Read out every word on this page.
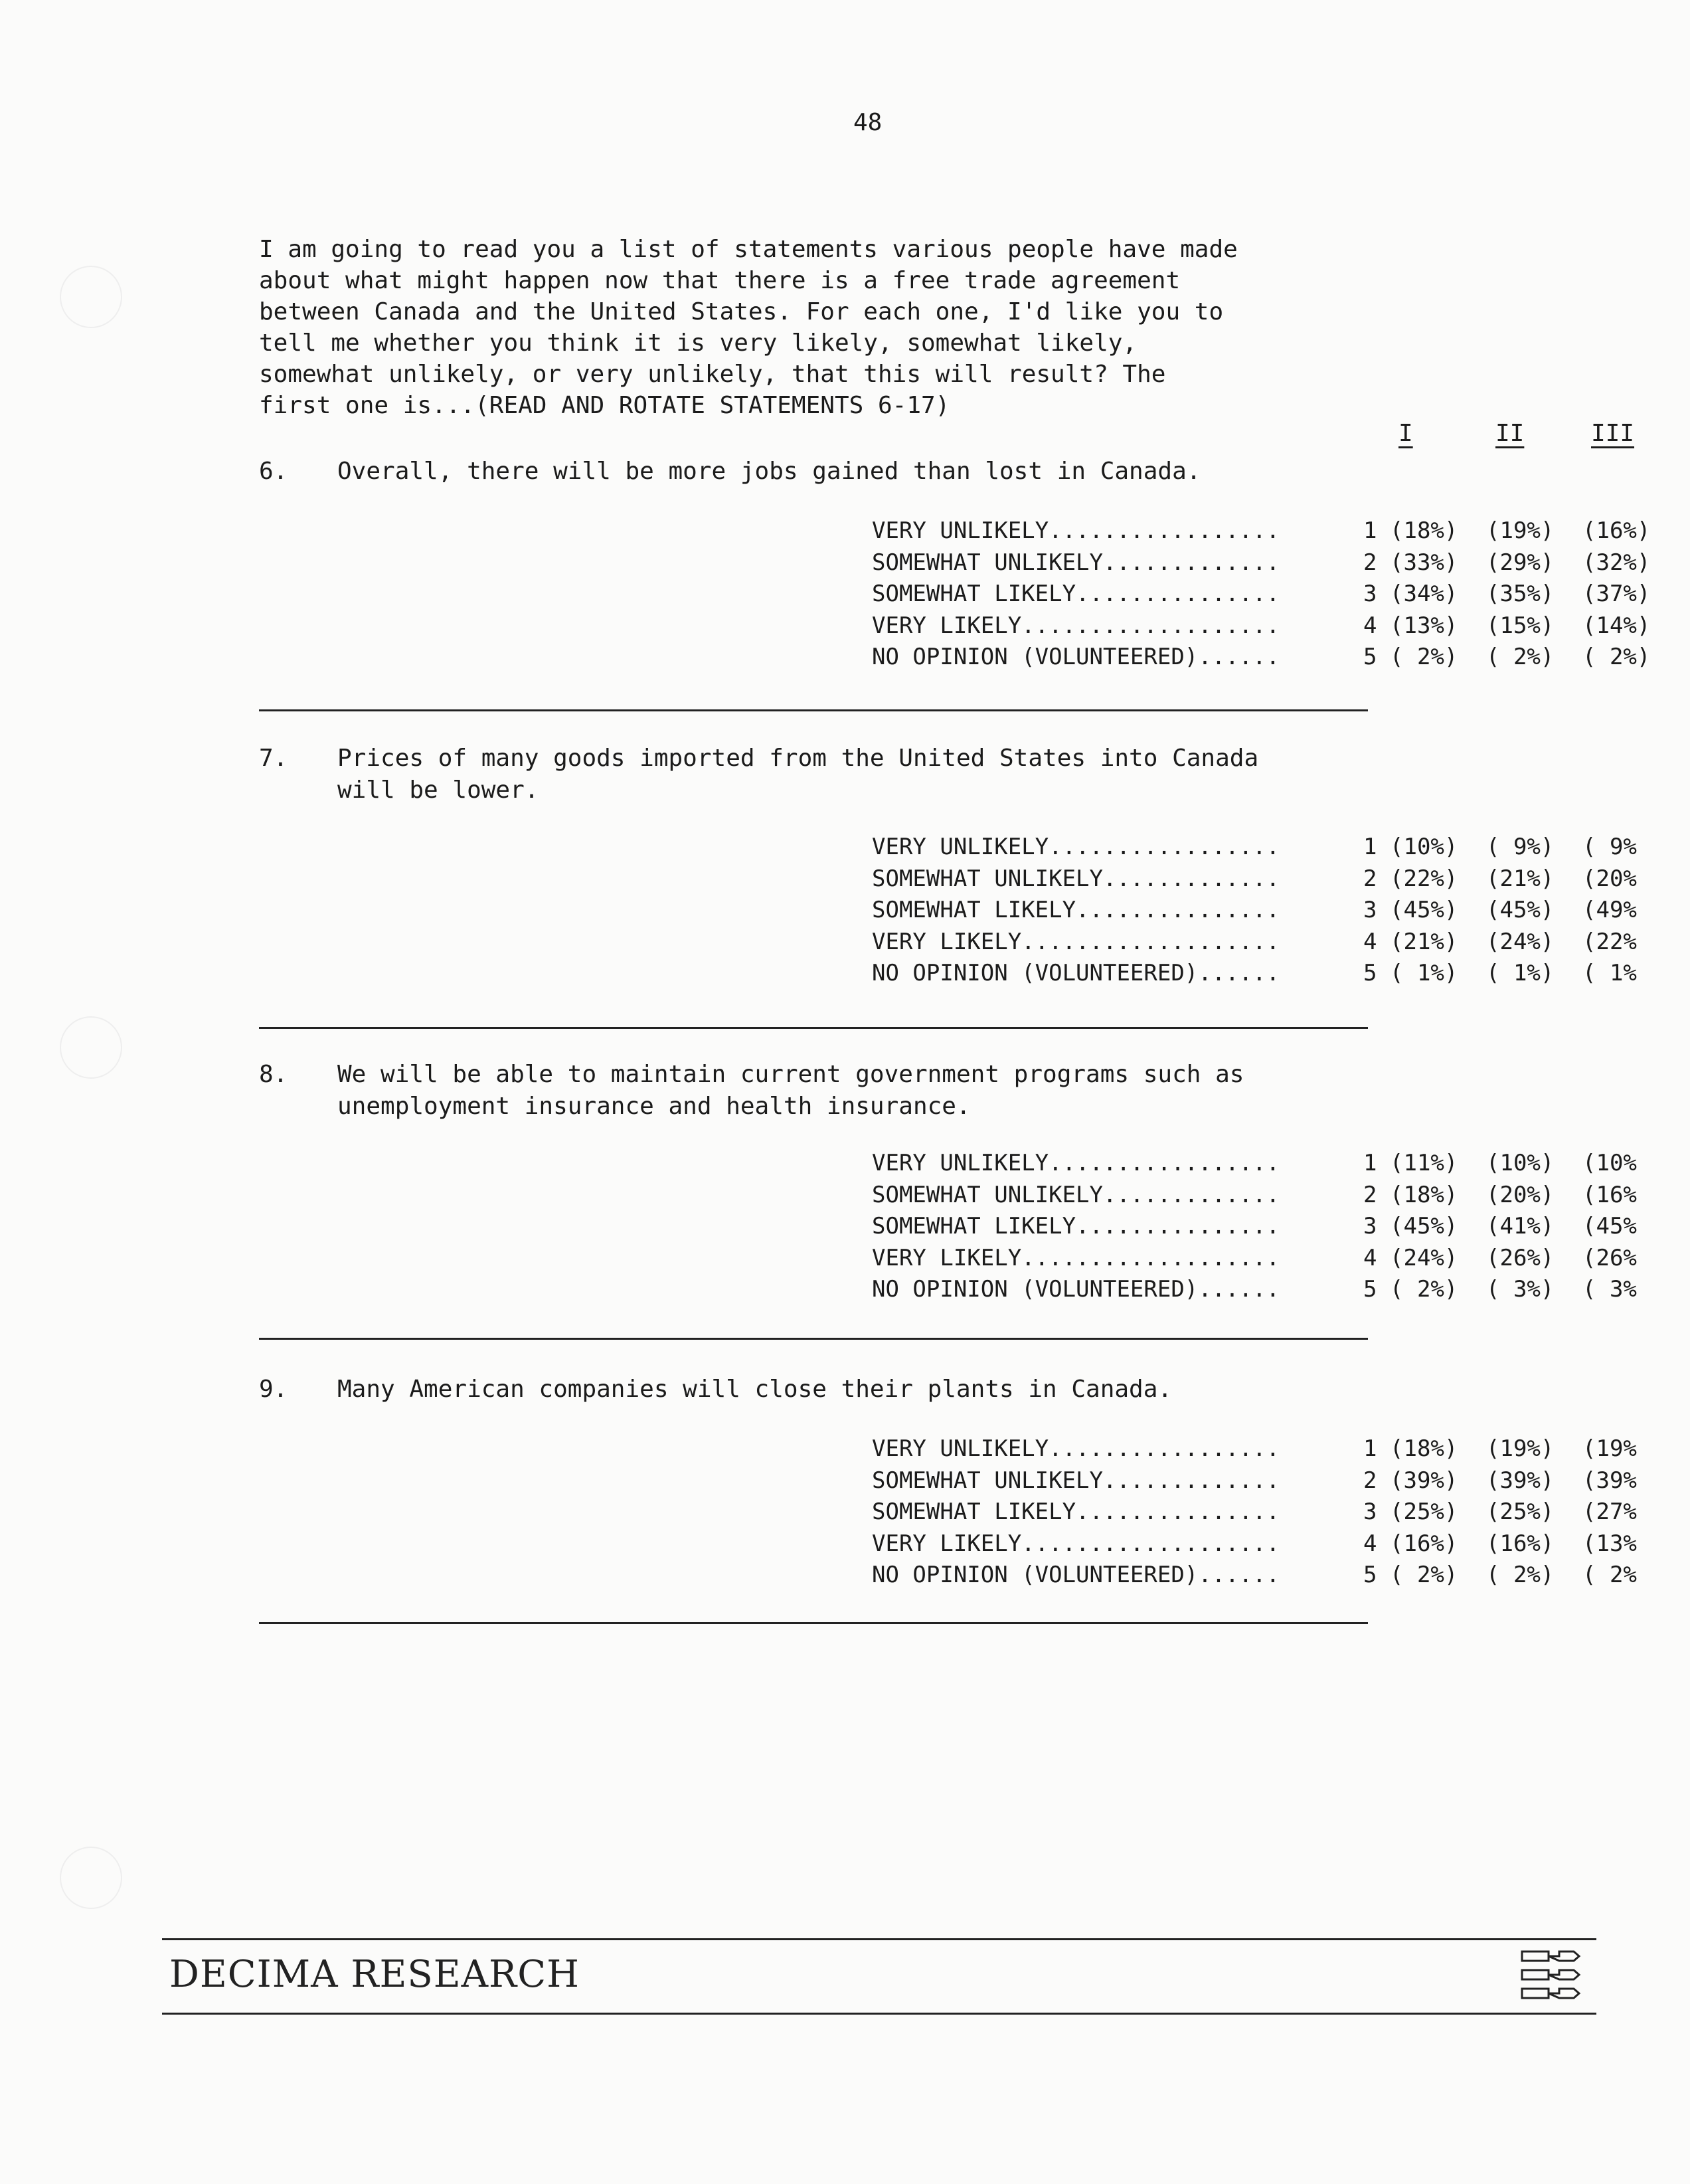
48
I am going to read you a list of statements various people have made
about what might happen now that there is a free trade agreement
between Canada and the United States. For each one, I'd like you to
tell me whether you think it is very likely, somewhat likely,
somewhat unlikely, or very unlikely, that this will result? The
first one is...(READ AND ROTATE STATEMENTS 6-17)
I	II	III
6. Overall, there will be more jobs gained than lost in Canada.
VERY UNLIKELY.................	1 (18%) (19%) (16%)
SOMEWHAT UNLIKELY.............	2 (33%) (29%) (32%)
SOMEWHAT LIKELY...............	3 (34%) (35%) (37%)
VERY LIKELY...................	4 (13%) (15%) (14%)
NO OPINION (VOLUNTEERED)......	5 ( 2%) ( 2%) ( 2%)
7. Prices of many goods imported from the United States into Canada
will be lower.
VERY UNLIKELY.................	1 (10%) ( 9%) ( 9%
SOMEWHAT UNLIKELY.............	2 (22%) (21%) (20%
SOMEWHAT LIKELY...............	3 (45%) (45%) (49%
VERY LIKELY...................	4 (21%) (24%) (22%
NO OPINION (VOLUNTEERED)......	5 ( 1%) ( 1%) ( 1%
8. We will be able to maintain current government programs such as
unemployment insurance and health insurance.
VERY UNLIKELY.................	1 (11%) (10%) (10%
SOMEWHAT UNLIKELY.............	2 (18%) (20%) (16%
SOMEWHAT LIKELY...............	3 (45%) (41%) (45%
VERY LIKELY...................	4 (24%) (26%) (26%
NO OPINION (VOLUNTEERED)......	5 ( 2%) ( 3%) ( 3%
9. Many American companies will close their plants in Canada.
VERY UNLIKELY.................	1 (18%) (19%) (19%
SOMEWHAT UNLIKELY.............	2 (39%) (39%) (39%
SOMEWHAT LIKELY...............	3 (25%) (25%) (27%
VERY LIKELY...................	4 (16%) (16%) (13%
NO OPINION (VOLUNTEERED)......	5 ( 2%) ( 2%) ( 2%
DECIMA RESEARCH
